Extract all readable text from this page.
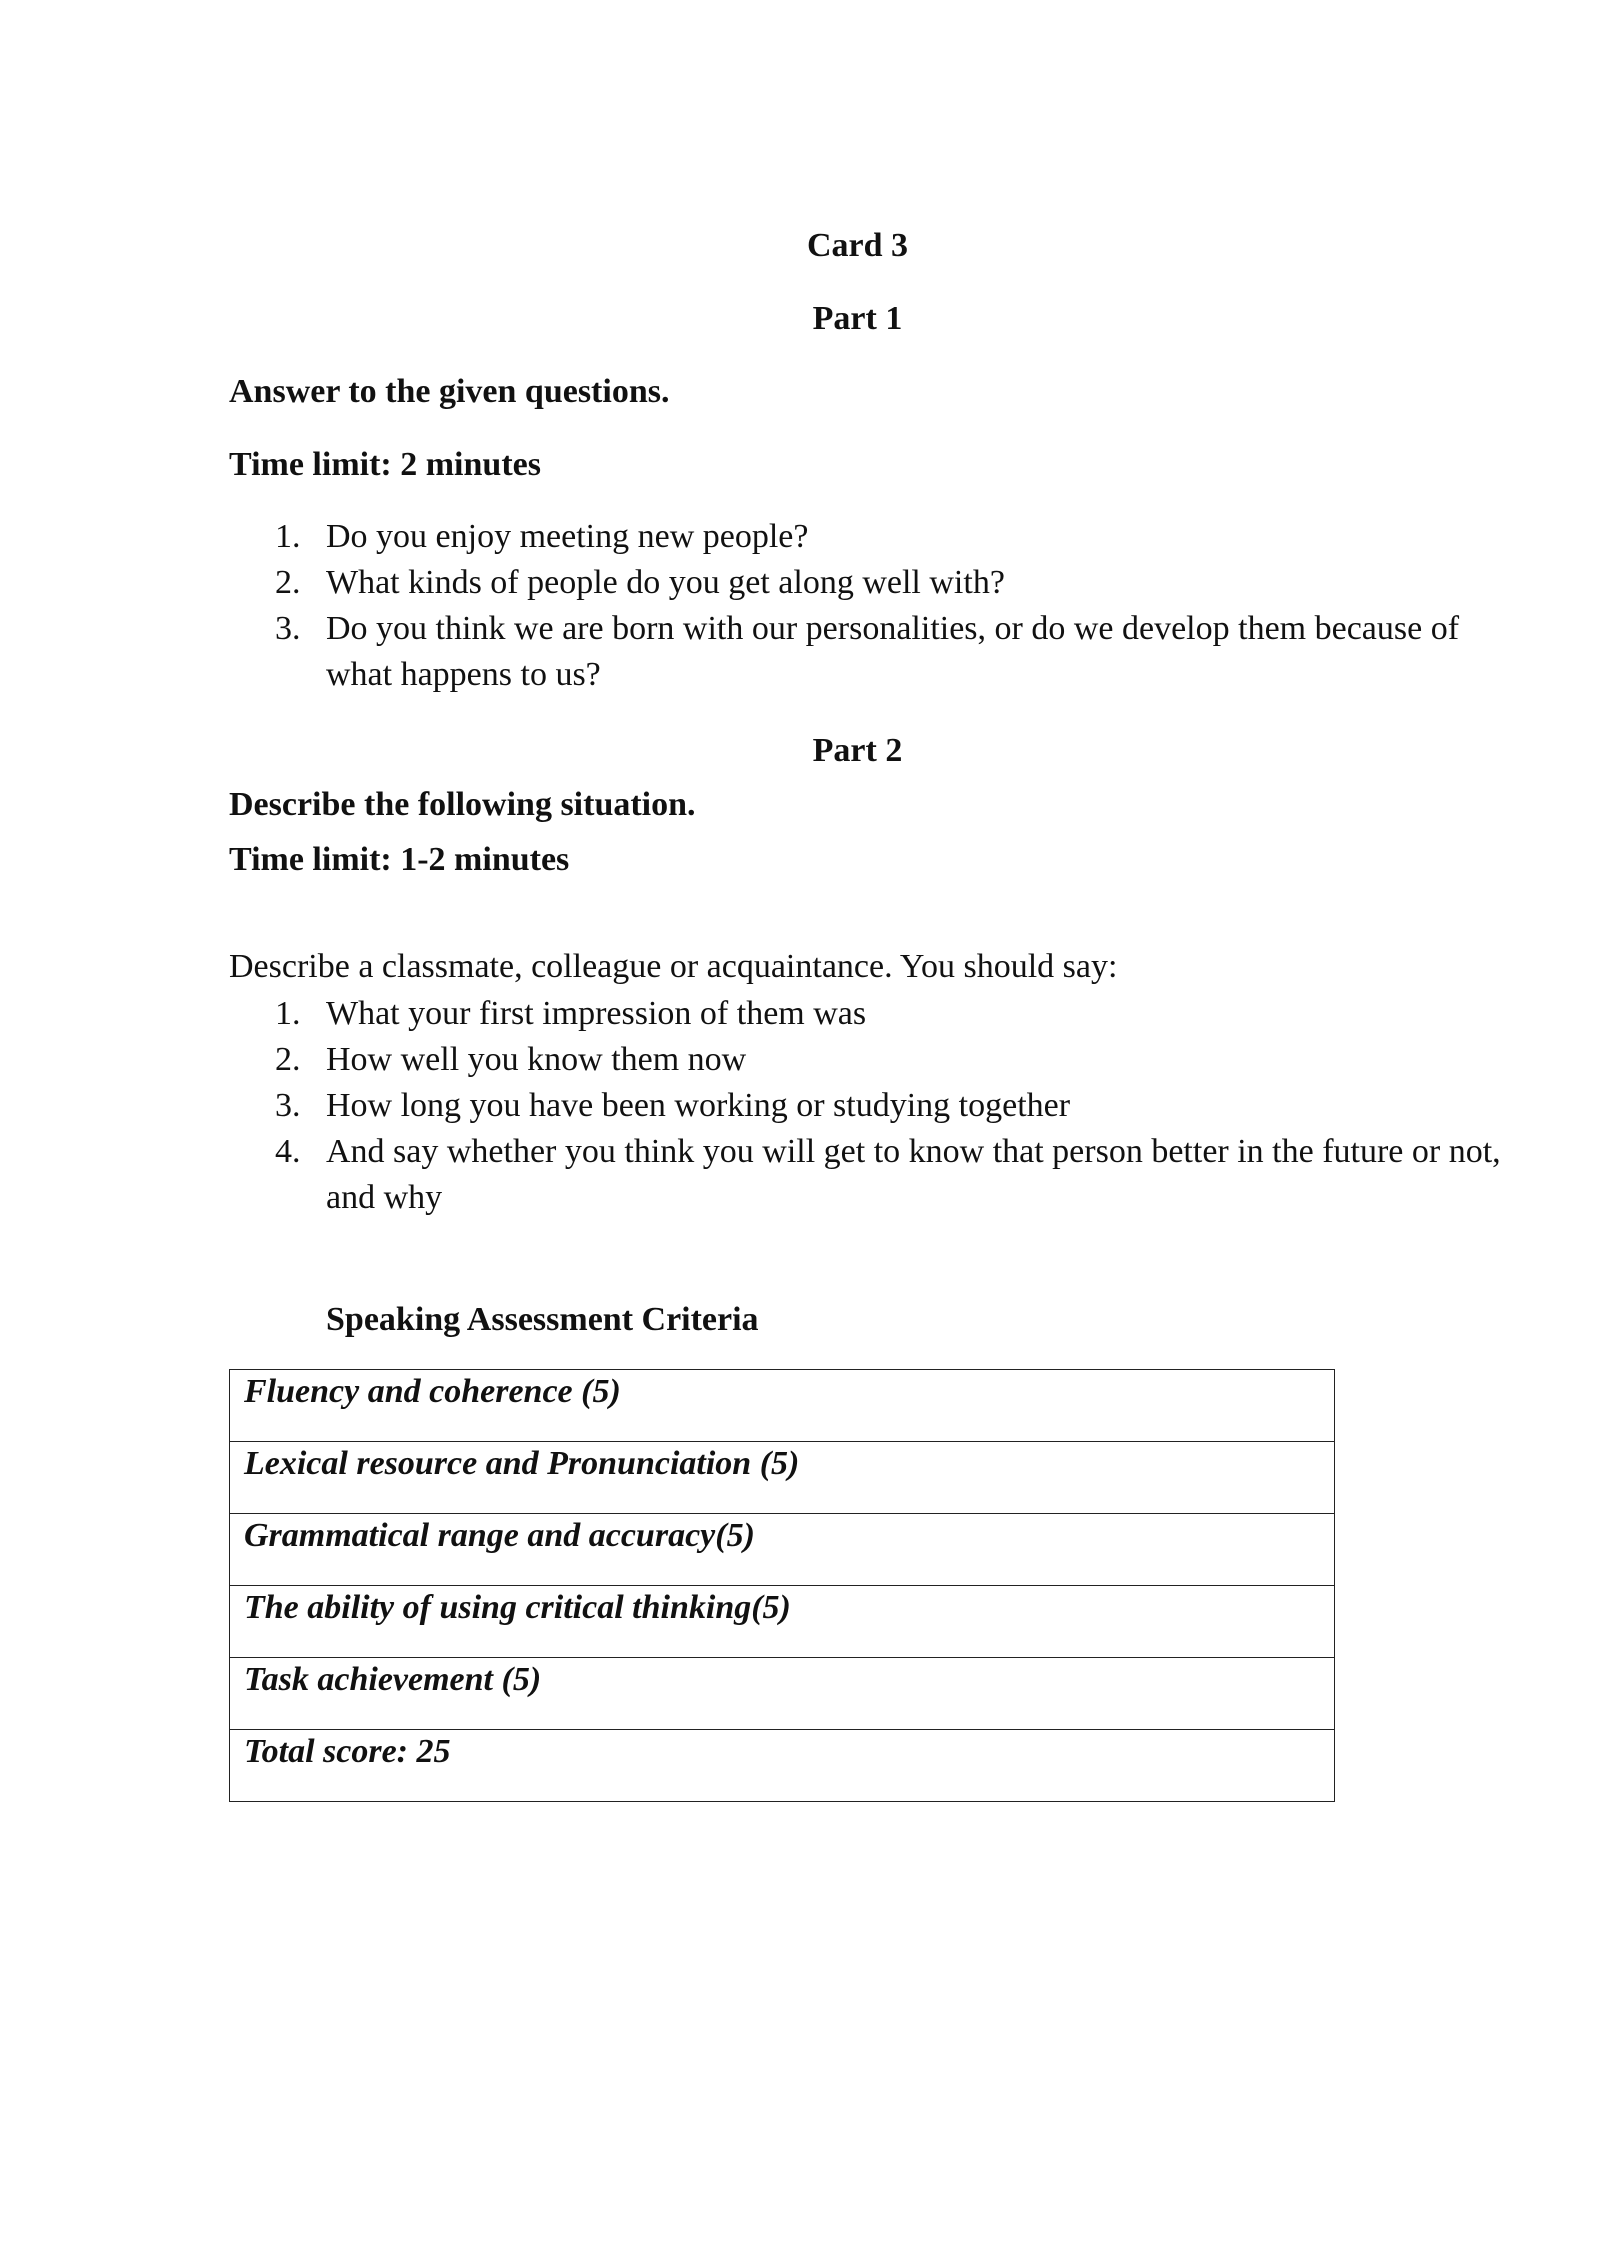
Card 3

Part 1

Answer to the given questions.

Time limit: 2 minutes

1. Do you enjoy meeting new people?
2. What kinds of people do you get along well with?
3. Do you think we are born with our personalities, or do we develop them because of what happens to us?

Part 2

Describe the following situation.

Time limit: 1-2 minutes

Describe a classmate, colleague or acquaintance. You should say:

1. What your first impression of them was
2. How well you know them now
3. How long you have been working or studying together
4. And say whether you think you will get to know that person better in the future or not, and why

Speaking Assessment Criteria

Fluency and coherence (5)
Lexical resource and Pronunciation (5)
Grammatical range and accuracy(5)
The ability of using critical thinking(5)
Task achievement (5)
Total score: 25
